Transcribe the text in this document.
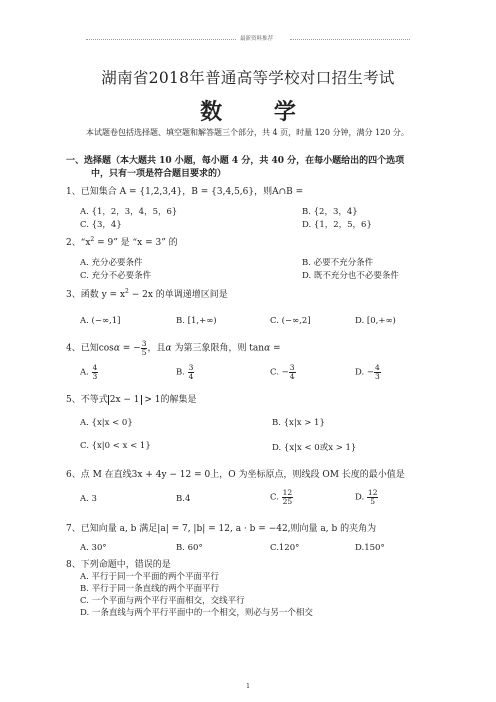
最新资料推荐
湖南省2018年普通高等学校对口招生考试
数 学
本试题卷包括选择题、填空题和解答题三个部分，共 4 页，时量 120 分钟，满分 120 分。
一、选择题（本大题共 10 小题，每小题 4 分，共 40 分，在每小题给出的四个选项
中，只有一项是符合题目要求的）
1、已知集合 A = {1,2,3,4}，B = {3,4,5,6}，则A∩B =
A. {1，2，3，4，5，6}	B. {2，3，4}
C. {3，4}	D. {1，2，5，6}
2、“$x^2 = 9$” 是 “x = 3” 的
A. 充分必要条件	B. 必要不充分条件
C. 充分不必要条件	D. 既不充分也不必要条件
3、函数 $y = x^2 - 2x$ 的单调递增区间是
A. (−∞,1]	B. [1,+∞)	C. (−∞,2]	D. [0,+∞)
4、已知cosα = − $\frac{3}{5}$ ，且α 为第三象限角，则 tanα =
A. $\frac{4}{3}$	B. $\frac{3}{4}$	C. − $\frac{3}{4}$	D. − $\frac{4}{3}$
5、不等式 2x − 1 > 1的解集是
A. {x|x < 0}	B. {x|x > 1}
C. {x|0 < x < 1}	D. {x|x < 0或x > 1}
6、点 M 在直线3x + 4y − 12 = 0上，O 为坐标原点，则线段 OM 长度的最小值是
A. 3	B.4	C. $\frac{12}{25}$	D. $\frac{12}{5}$
7、已知向量 a, b 满足|a| = 7, |b| = 12, a · b = −42,则向量 a, b 的夹角为
A. 30°	B. 60°	C.120°	D.150°
8、下列命题中，错误的是
A. 平行于同一个平面的两个平面平行
B. 平行于同一条直线的两个平面平行
C. 一个平面与两个平行平面相交，交线平行
D. 一条直线与两个平行平面中的一个相交，则必与另一个相交
1
